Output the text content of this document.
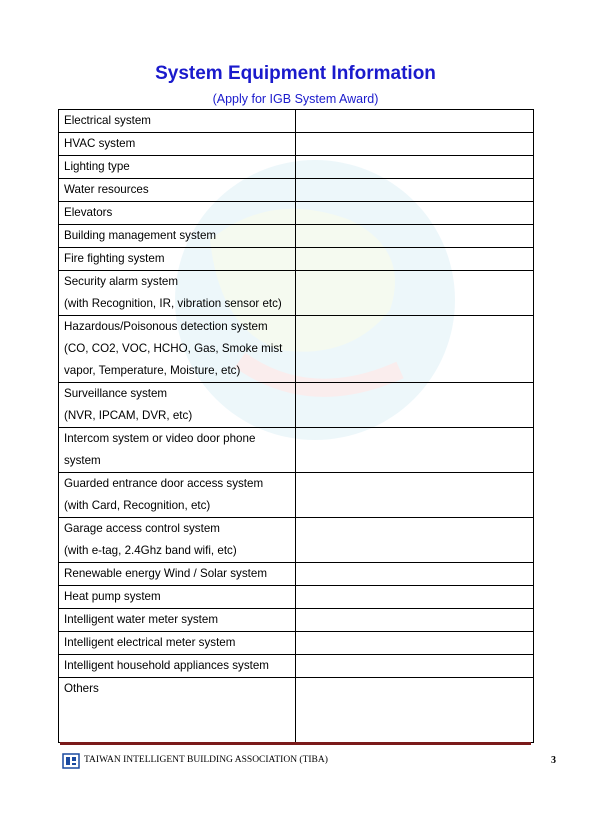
System Equipment Information
(Apply for IGB System Award)
Electrical system	

HVAC system	

Lighting type	

Water resources	

Elevators	

Building management system	

Fire fighting system	

Security alarm system
(with Recognition, IR, vibration sensor etc)	

Hazardous/Poisonous detection system
(CO, CO2, VOC, HCHO, Gas, Smoke mist
vapor, Temperature, Moisture, etc)	

Surveillance system
(NVR, IPCAM, DVR, etc)	

Intercom system or video door phone
system	

Guarded entrance door access system
(with Card, Recognition, etc)	

Garage access control system
(with e-tag, 2.4Ghz band wifi, etc)	

Renewable energy Wind / Solar system	

Heat pump system	

Intelligent water meter system	

Intelligent electrical meter system	

Intelligent household appliances system	

Others	

TAIWAN INTELLIGENT BUILDING ASSOCIATION (TIBA)	3
